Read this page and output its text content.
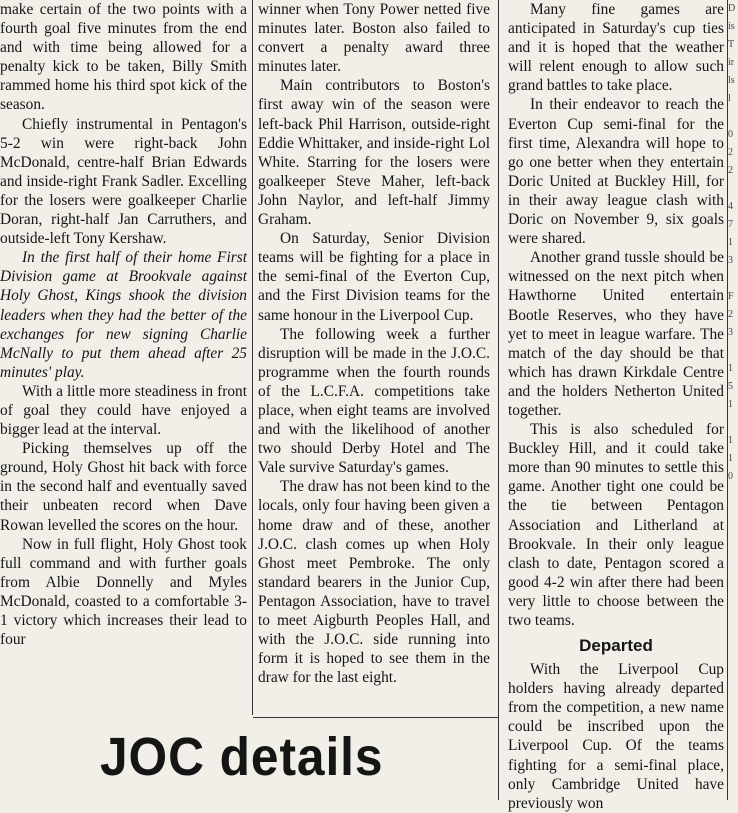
make certain of the two points with a fourth goal five minutes from the end and with time being allowed for a penalty kick to be taken, Billy Smith rammed home his third spot kick of the season.

Chiefly instrumental in Pentagon's 5-2 win were right-back John McDonald, centre-half Brian Edwards and inside-right Frank Sadler. Excelling for the losers were goalkeeper Charlie Doran, right-half Jan Carruthers, and outside-left Tony Kershaw.

In the first half of their home First Division game at Brookvale against Holy Ghost, Kings shook the division leaders when they had the better of the exchanges for new signing Charlie McNally to put them ahead after 25 minutes' play.

With a little more steadiness in front of goal they could have enjoyed a bigger lead at the interval.

Picking themselves up off the ground, Holy Ghost hit back with force in the second half and eventually saved their unbeaten record when Dave Rowan levelled the scores on the hour.

Now in full flight, Holy Ghost took full command and with further goals from Albie Donnelly and Myles McDonald, coasted to a comfortable 3-1 victory which increases their lead to four

winner when Tony Power netted five minutes later. Boston also failed to convert a penalty award three minutes later.

Main contributors to Boston's first away win of the season were left-back Phil Harrison, outside-right Eddie Whittaker, and inside-right Lol White. Starring for the losers were goalkeeper Steve Maher, left-back John Naylor, and left-half Jimmy Graham.

On Saturday, Senior Division teams will be fighting for a place in the semi-final of the Everton Cup, and the First Division teams for the same honour in the Liverpool Cup.

The following week a further disruption will be made in the J.O.C. programme when the fourth rounds of the L.C.F.A. competitions take place, when eight teams are involved and with the likelihood of another two should Derby Hotel and The Vale survive Saturday's games.

The draw has not been kind to the locals, only four having been given a home draw and of these, another J.O.C. clash comes up when Holy Ghost meet Pembroke. The only standard bearers in the Junior Cup, Pentagon Association, have to travel to meet Aigburth Peoples Hall, and with the J.O.C. side running into form it is hoped to see them in the draw for the last eight.

JOC details

Many fine games are anticipated in Saturday's cup ties and it is hoped that the weather will relent enough to allow such grand battles to take place.

In their endeavor to reach the Everton Cup semi-final for the first time, Alexandra will hope to go one better when they entertain Doric United at Buckley Hill, for in their away league clash with Doric on November 9, six goals were shared.

Another grand tussle should be witnessed on the next pitch when Hawthorne United entertain Bootle Reserves, who they have yet to meet in league warfare. The match of the day should be that which has drawn Kirkdale Centre and the holders Netherton United together.

This is also scheduled for Buckley Hill, and it could take more than 90 minutes to settle this game. Another tight one could be the tie between Pentagon Association and Litherland at Brookvale. In their only league clash to date, Pentagon scored a good 4-2 win after there had been very little to choose between the two teams.

Departed

With the Liverpool Cup holders having already departed from the competition, a new name could be inscribed upon the Liverpool Cup. Of the teams fighting for a semi-final place, only Cambridge United have previously won

D
is
T
ir
ls
l

0
2
2

4
7
1
3

F
2
3

1
5
1

1
1
0
